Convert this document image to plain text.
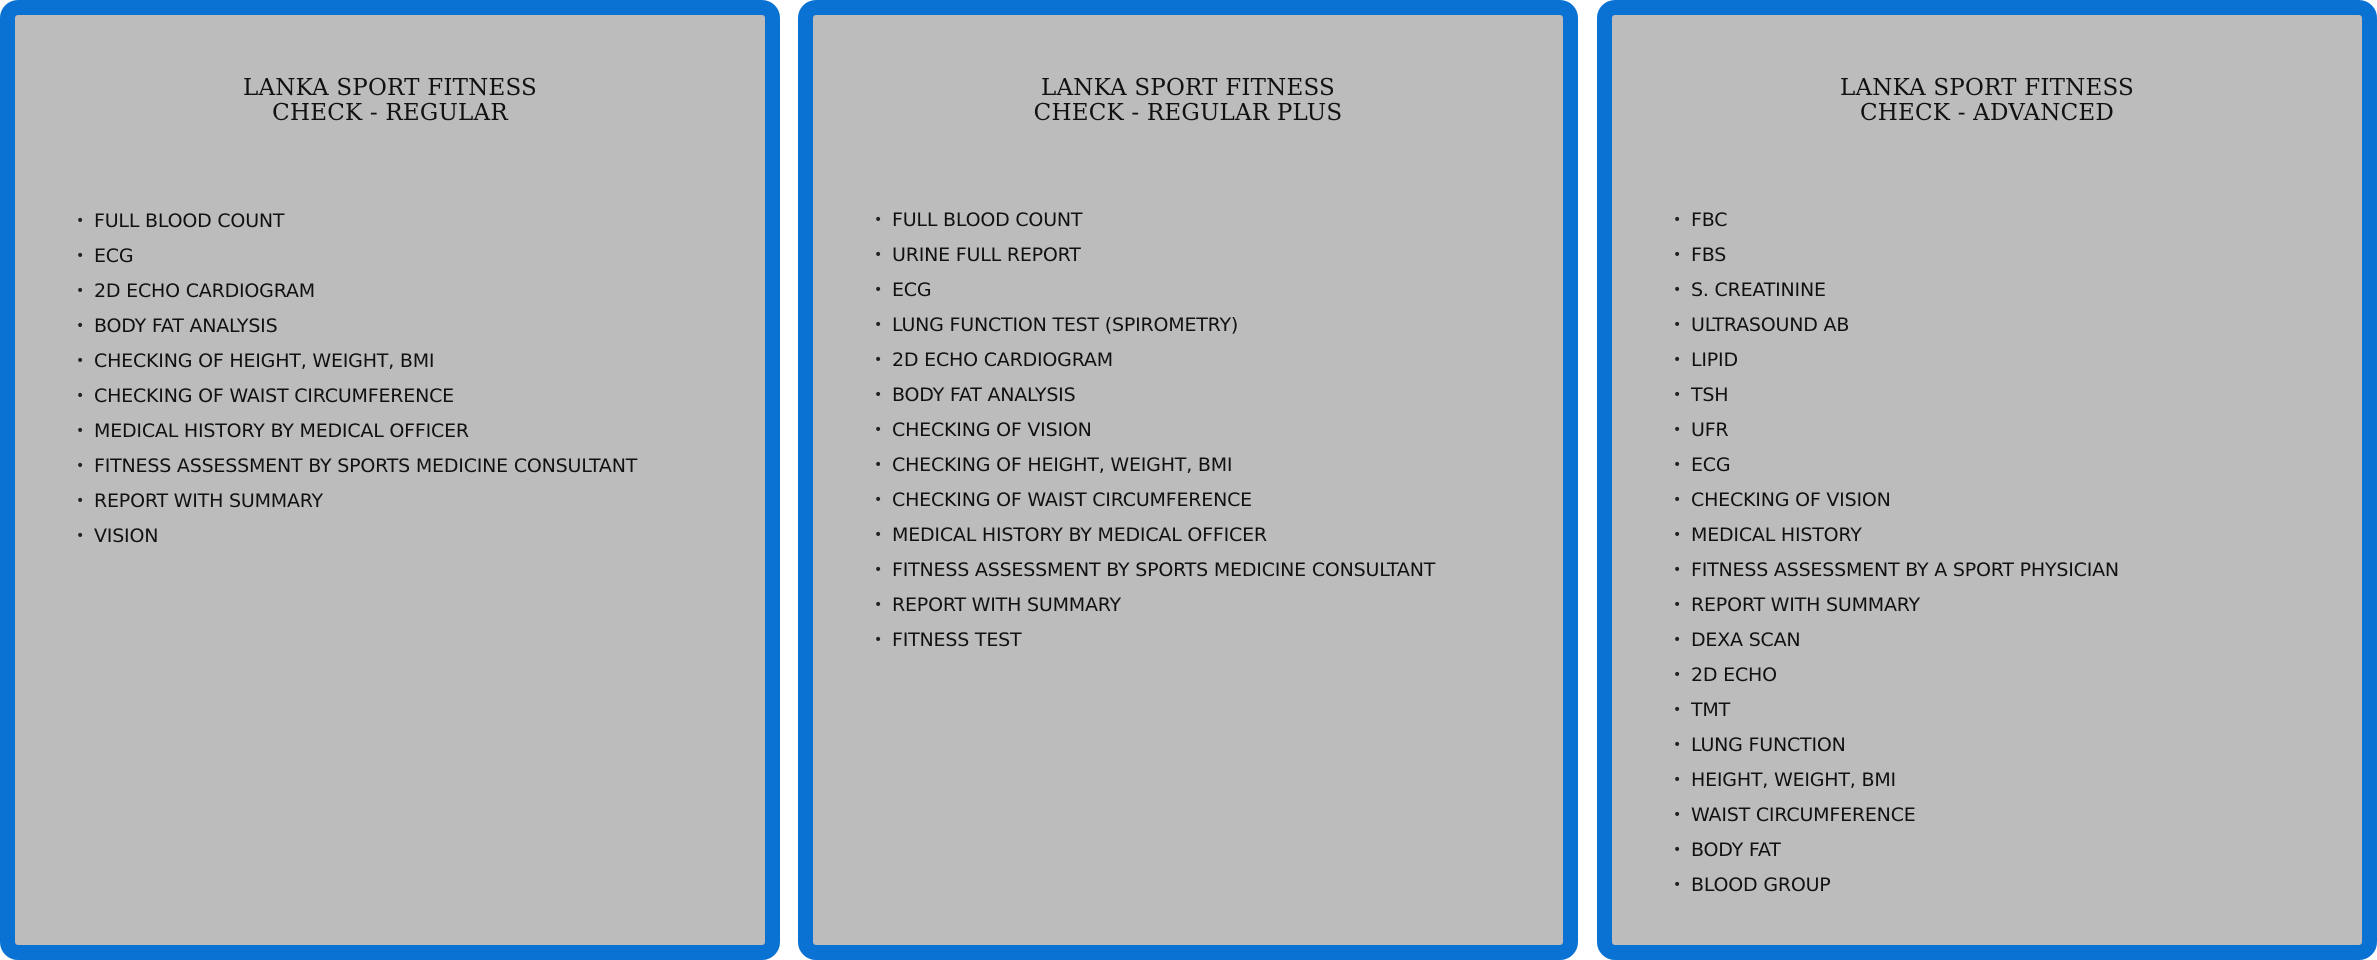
LANKA SPORT FITNESS
CHECK - REGULAR
• FULL BLOOD COUNT
• ECG
• 2D ECHO CARDIOGRAM
• BODY FAT ANALYSIS
• CHECKING OF HEIGHT, WEIGHT, BMI
• CHECKING OF WAIST CIRCUMFERENCE
• MEDICAL HISTORY BY MEDICAL OFFICER
• FITNESS ASSESSMENT BY SPORTS MEDICINE CONSULTANT
• REPORT WITH SUMMARY
• VISION
LANKA SPORT FITNESS
CHECK - REGULAR PLUS
• FULL BLOOD COUNT
• URINE FULL REPORT
• ECG
• LUNG FUNCTION TEST (SPIROMETRY)
• 2D ECHO CARDIOGRAM
• BODY FAT ANALYSIS
• CHECKING OF VISION
• CHECKING OF HEIGHT, WEIGHT, BMI
• CHECKING OF WAIST CIRCUMFERENCE
• MEDICAL HISTORY BY MEDICAL OFFICER
• FITNESS ASSESSMENT BY SPORTS MEDICINE CONSULTANT
• REPORT WITH SUMMARY
• FITNESS TEST
LANKA SPORT FITNESS
CHECK - ADVANCED
• FBC
• FBS
• S. CREATININE
• ULTRASOUND AB
• LIPID
• TSH
• UFR
• ECG
• CHECKING OF VISION
• MEDICAL HISTORY
• FITNESS ASSESSMENT BY A SPORT PHYSICIAN
• REPORT WITH SUMMARY
• DEXA SCAN
• 2D ECHO
• TMT
• LUNG FUNCTION
• HEIGHT, WEIGHT, BMI
• WAIST CIRCUMFERENCE
• BODY FAT
• BLOOD GROUP
